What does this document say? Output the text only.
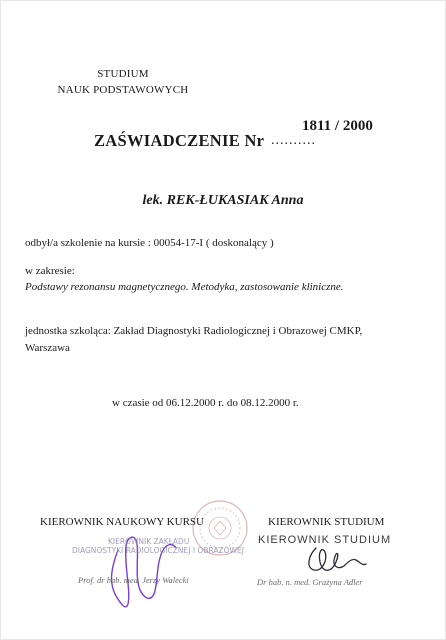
STUDIUM
NAUK PODSTAWOWYCH
ZAŚWIADCZENIE Nr ..........
1811 / 2000
lek. REK-ŁUKASIAK Anna
odbył/a szkolenie na kursie : 00054-17-I ( doskonalący )
w zakresie:
Podstawy rezonansu magnetycznego. Metodyka, zastosowanie kliniczne.
jednostka szkoląca: Zakład Diagnostyki Radiologicznej i Obrazowej CMKP,
Warszawa
w czasie od 06.12.2000 r. do 08.12.2000 r.
KIEROWNIK NAUKOWY KURSU	KIEROWNIK STUDIUM
KIEROWNIK ZAKŁADU
DIAGNOSTYKI RADIOLOGICZNEJ I OBRAZOWEJ
KIEROWNIK STUDIUM
Prof. dr hab. med. Jerzy Walecki	Dr hab. n. med. Grażyna Adler
